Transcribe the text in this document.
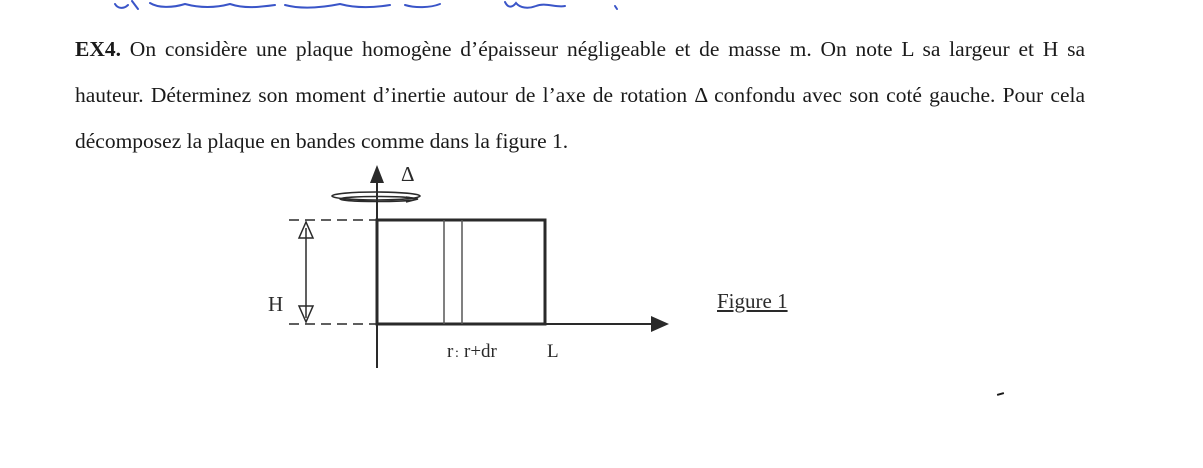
EX4. On considère une plaque homogène d’épaisseur négligeable et de masse m. On note L sa largeur et H sa hauteur. Déterminez son moment d’inertie autour de l’axe de rotation Δ confondu avec son coté gauche. Pour cela décomposez la plaque en bandes comme dans la figure 1.

Δ
H
r : r+dr	L

Figure 1
